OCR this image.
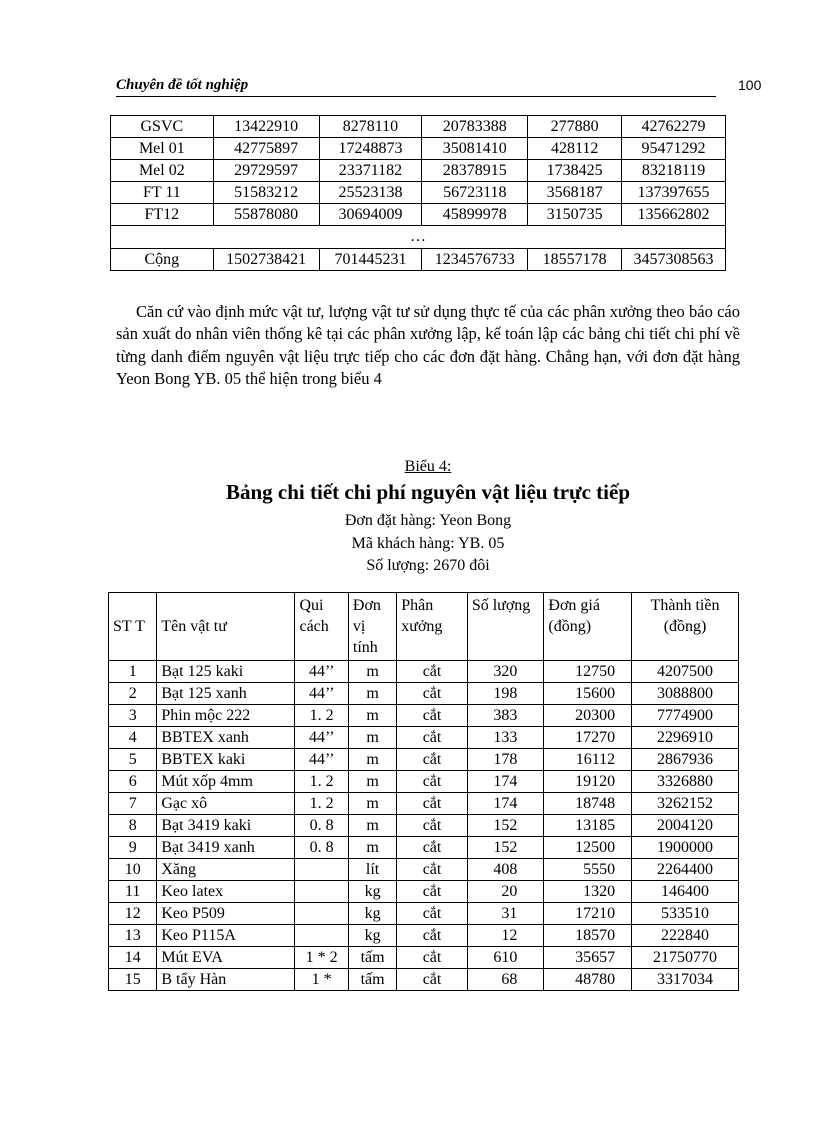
Chuyên đề tốt nghiệp	100
GSVC	13422910	8278110	20783388	277880	42762279
Mel 01	42775897	17248873	35081410	428112	95471292
Mel 02	29729597	23371182	28378915	1738425	83218119
FT 11	51583212	25523138	56723118	3568187	137397655
FT12	55878080	30694009	45899978	3150735	135662802
…					
Cộng	1502738421	701445231	1234576733	18557178	3457308563
Căn cứ vào định mức vật tư, lượng vật tư sử dụng thực tế của các phân xưởng theo báo cáo sản xuất do nhân viên thống kê tại các phân xưởng lập, kế toán lập các bảng chi tiết chi phí về từng danh điểm nguyên vật liệu trực tiếp cho các đơn đặt hàng. Chẳng hạn, với đơn đặt hàng Yeon Bong YB. 05 thể hiện trong biểu 4
Biểu 4:
Bảng chi tiết chi phí nguyên vật liệu trực tiếp
Đơn đặt hàng: Yeon Bong
Mã khách hàng: YB. 05
Số lượng: 2670 đôi
ST T	Tên vật tư	Qui cách	Đơn vị tính	Phân xưởng	Số lượng	Đơn giá (đồng)	Thành tiền (đồng)
1	Bạt 125 kaki	44’’	m	cắt	320	12750	4207500
2	Bạt 125 xanh	44’’	m	cắt	198	15600	3088800
3	Phin mộc 222	1. 2	m	cắt	383	20300	7774900
4	BBTEX xanh	44’’	m	cắt	133	17270	2296910
5	BBTEX kaki	44’’	m	cắt	178	16112	2867936
6	Mút xốp 4mm	1. 2	m	cắt	174	19120	3326880
7	Gạc xô	1. 2	m	cắt	174	18748	3262152
8	Bạt 3419 kaki	0. 8	m	cắt	152	13185	2004120
9	Bạt 3419 xanh	0. 8	m	cắt	152	12500	1900000
10	Xăng		lít	cắt	408	5550	2264400
11	Keo latex		kg	cắt	20	1320	146400
12	Keo P509		kg	cắt	31	17210	533510
13	Keo P115A		kg	cắt	12	18570	222840
14	Mút EVA	1 * 2	tấm	cắt	610	35657	21750770
15	B tẩy Hàn	1 *	tấm	cắt	68	48780	3317034
